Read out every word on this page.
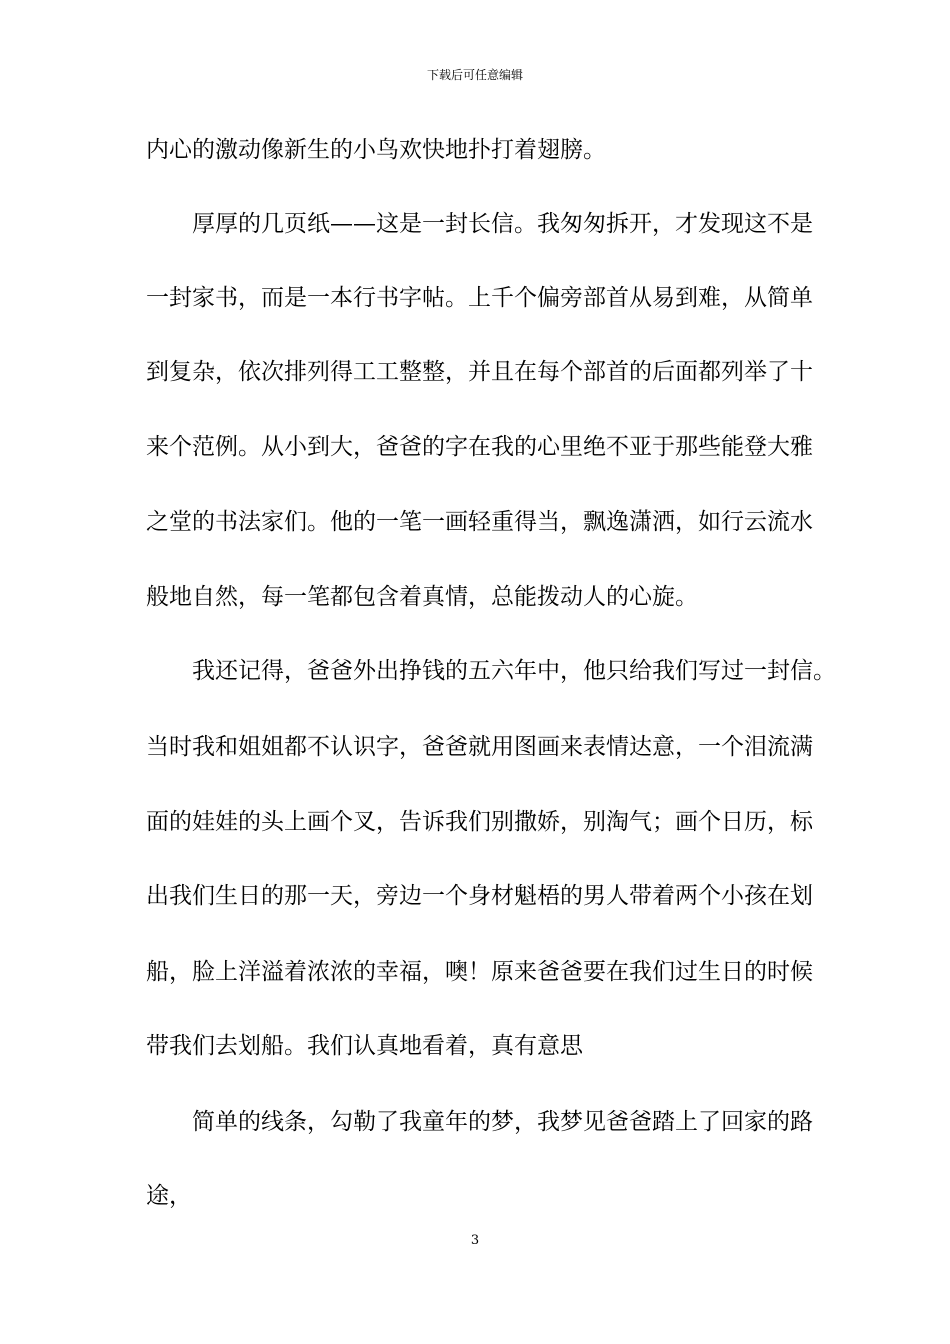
下载后可任意编辑
内心的激动像新生的小鸟欢快地扑打着翅膀。
　　厚厚的几页纸——这是一封长信。我匆匆拆开，才发现这不是
一封家书，而是一本行书字帖。上千个偏旁部首从易到难，从简单
到复杂，依次排列得工工整整，并且在每个部首的后面都列举了十
来个范例。从小到大，爸爸的字在我的心里绝不亚于那些能登大雅
之堂的书法家们。他的一笔一画轻重得当，飘逸潇洒，如行云流水
般地自然，每一笔都包含着真情，总能拨动人的心旋。
　　我还记得，爸爸外出挣钱的五六年中，他只给我们写过一封信。
当时我和姐姐都不认识字，爸爸就用图画来表情达意，一个泪流满
面的娃娃的头上画个叉，告诉我们别撒娇，别淘气；画个日历，标
出我们生日的那一天，旁边一个身材魁梧的男人带着两个小孩在划
船，脸上洋溢着浓浓的幸福，噢！原来爸爸要在我们过生日的时候
带我们去划船。我们认真地看着，真有意思
　　简单的线条，勾勒了我童年的梦，我梦见爸爸踏上了回家的路
途，
3
